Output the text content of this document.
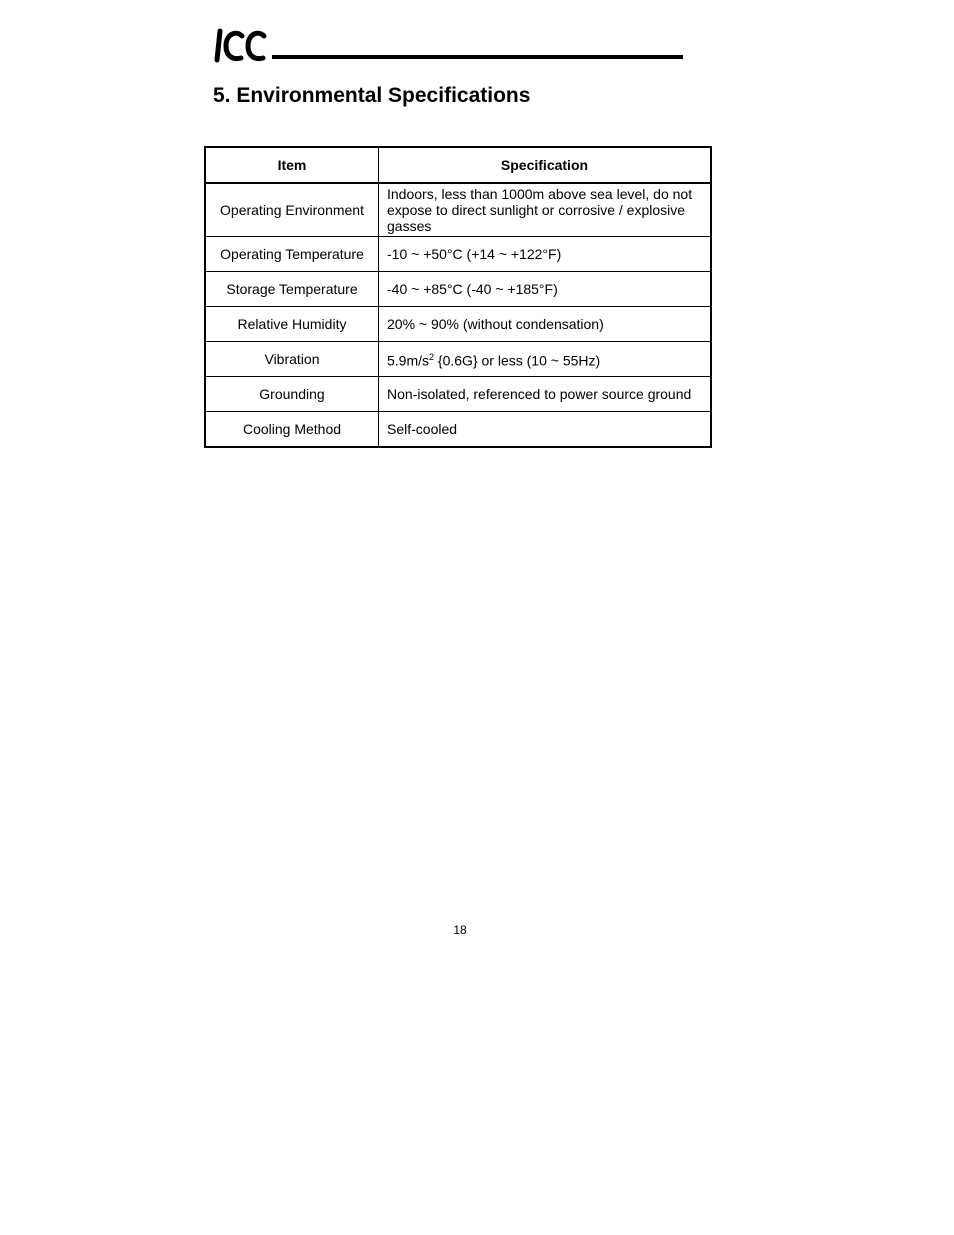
5. Environmental Specifications
Item	Specification
Operating Environment	Indoors, less than 1000m above sea level, do not expose to direct sunlight or corrosive / explosive gasses
Operating Temperature	-10 ~ +50°C (+14 ~ +122°F)
Storage Temperature	-40 ~ +85°C (-40 ~ +185°F)
Relative Humidity	20% ~ 90% (without condensation)
Vibration	$5.9m/s^2$ {0.6G} or less (10 ~ 55Hz)
Grounding	Non-isolated, referenced to power source ground
Cooling Method	Self-cooled
18
